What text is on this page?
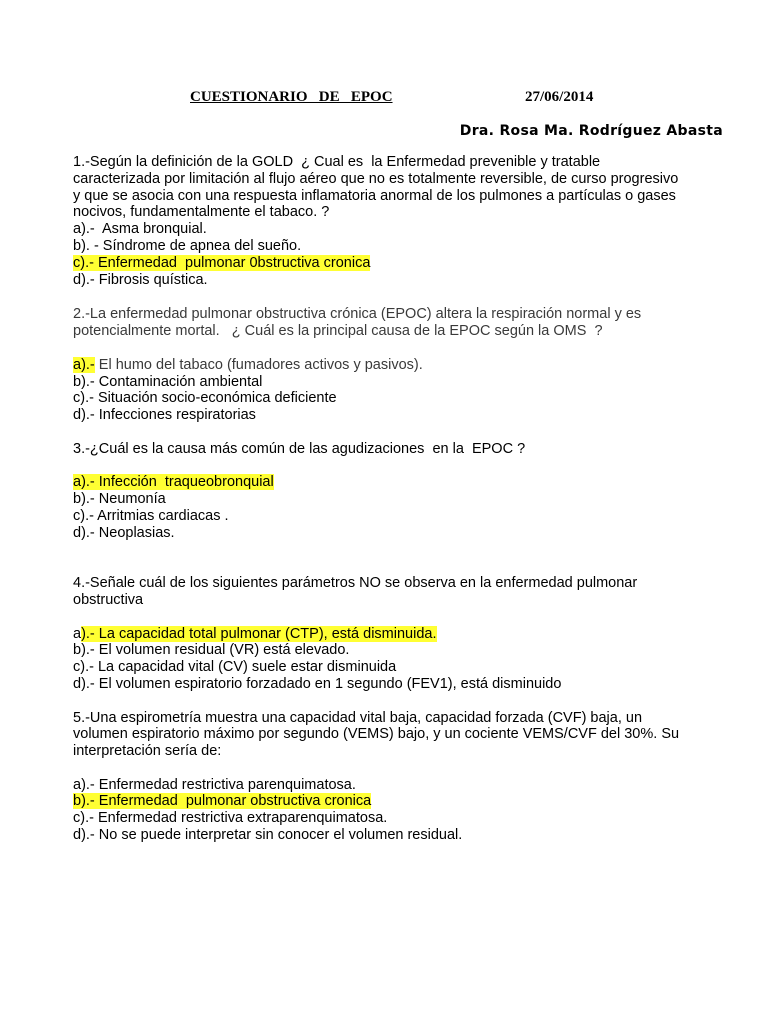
CUESTIONARIO   DE   EPOC	27/06/2014
Dra. Rosa Ma. Rodríguez Abasta
1.-Según la definición de la GOLD  ¿ Cual es  la Enfermedad prevenible y tratable
caracterizada por limitación al flujo aéreo que no es totalmente reversible, de curso progresivo
y que se asocia con una respuesta inflamatoria anormal de los pulmones a partículas o gases
nocivos, fundamentalmente el tabaco. ?
a).-  Asma bronquial.
b). - Síndrome de apnea del sueño.
c).- Enfermedad  pulmonar 0bstructiva cronica
d).- Fibrosis quística.
2.-La enfermedad pulmonar obstructiva crónica (EPOC) altera la respiración normal y es
potencialmente mortal.   ¿ Cuál es la principal causa de la EPOC según la OMS  ?
a).- El humo del tabaco (fumadores activos y pasivos).
b).- Contaminación ambiental
c).- Situación socio-económica deficiente
d).- Infecciones respiratorias
3.-¿Cuál es la causa más común de las agudizaciones  en la  EPOC ?
a).- Infección  traqueobronquial
b).- Neumonía
c).- Arritmias cardiacas .
d).- Neoplasias.
4.-Señale cuál de los siguientes parámetros NO se observa en la enfermedad pulmonar
obstructiva
a).- La capacidad total pulmonar (CTP), está disminuida.
b).- El volumen residual (VR) está elevado.
c).- La capacidad vital (CV) suele estar disminuida
d).- El volumen espiratorio forzadado en 1 segundo (FEV1), está disminuido
5.-Una espirometría muestra una capacidad vital baja, capacidad forzada (CVF) baja, un
volumen espiratorio máximo por segundo (VEMS) bajo, y un cociente VEMS/CVF del 30%. Su
interpretación sería de:
a).- Enfermedad restrictiva parenquimatosa.
b).- Enfermedad  pulmonar obstructiva cronica
c).- Enfermedad restrictiva extraparenquimatosa.
d).- No se puede interpretar sin conocer el volumen residual.
